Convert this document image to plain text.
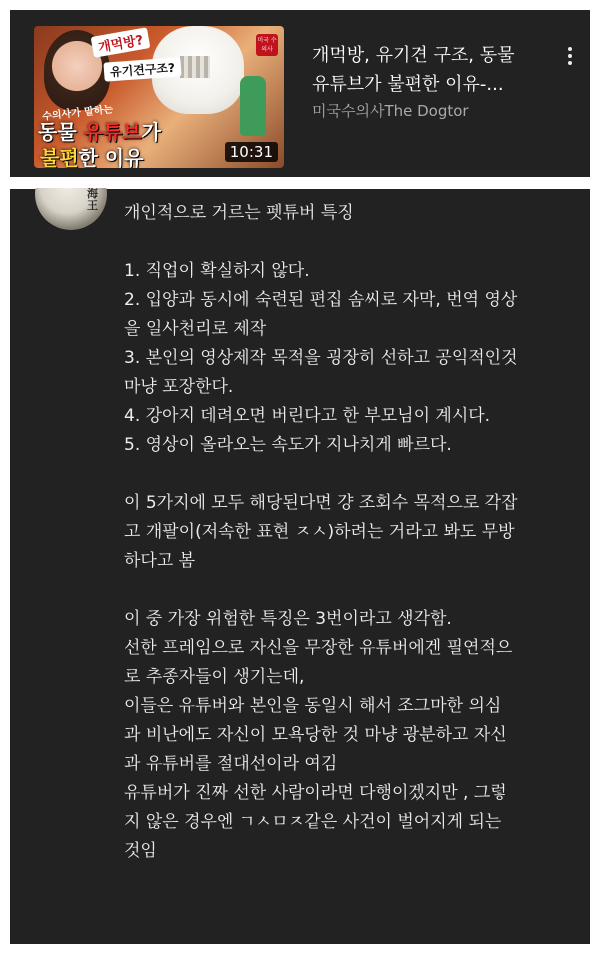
개먹방?
유기견구조?
미국 수의사
수의사가 말하는
동물 유튜브가
불편한 이유	10:31
개먹방, 유기견 구조, 동물
유튜브가 불편한 이유-...
미국수의사The Dogtor
海王	개인적으로 거르는 펫튜버 특징

1. 직업이 확실하지 않다.

2. 입양과 동시에 숙련된 편집 솜씨로 자막, 번역 영상

을 일사천리로 제작

3. 본인의 영상제작 목적을 굉장히 선하고 공익적인것

마냥 포장한다.

4. 강아지 데려오면 버린다고 한 부모님이 계시다.

5. 영상이 올라오는 속도가 지나치게 빠르다.

이 5가지에 모두 해당된다면 걍 조회수 목적으로 각잡

고 개팔이(저속한 표현 ㅈㅅ)하려는 거라고 봐도 무방

하다고 봄

이 중 가장 위험한 특징은 3번이라고 생각함.

선한 프레임으로 자신을 무장한 유튜버에겐 필연적으

로 추종자들이 생기는데,

이들은 유튜버와 본인을 동일시 해서 조그마한 의심

과 비난에도 자신이 모욕당한 것 마냥 광분하고 자신

과 유튜버를 절대선이라 여김

유튜버가 진짜 선한 사람이라면 다행이겠지만 , 그렇

지 않은 경우엔 ㄱㅅㅁㅈ같은 사건이 벌어지게 되는

것임
